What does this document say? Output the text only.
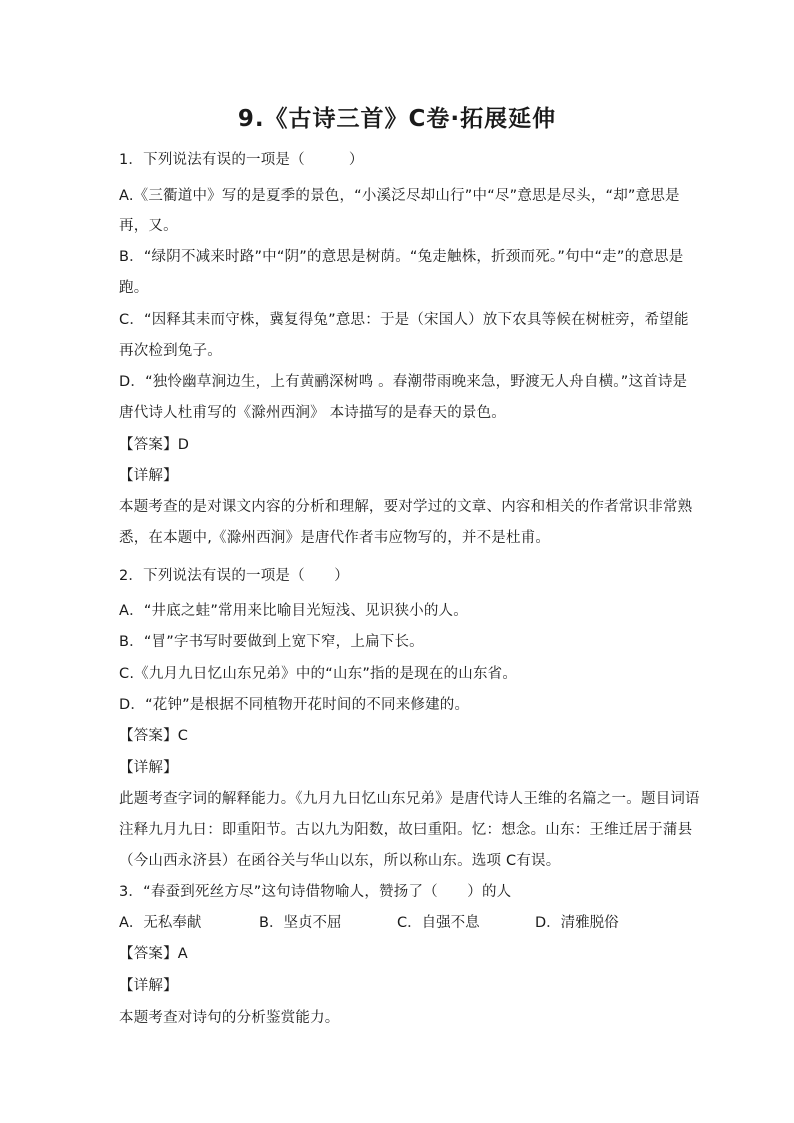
9.《古诗三首》C卷·拓展延伸
1．下列说法有误的一项是（　　　）
A.《三衢道中》写的是夏季的景色，“小溪泛尽却山行”中“尽”意思是尽头，“却”意思是
再，又。
B．“绿阴不减来时路”中“阴”的意思是树荫。“兔走触株，折颈而死。”句中“走”的意思是
跑。
C．“因释其耒而守株，冀复得兔”意思：于是（宋国人）放下农具等候在树桩旁，希望能
再次检到兔子。
D．“独怜幽草涧边生，上有黄鹂深树鸣 。春潮带雨晚来急，野渡无人舟自横。”这首诗是
唐代诗人杜甫写的《滁州西涧》 本诗描写的是春天的景色。
【答案】D
【详解】
本题考查的是对课文内容的分析和理解，要对学过的文章、内容和相关的作者常识非常熟
悉，在本题中,《滁州西涧》是唐代作者韦应物写的，并不是杜甫。
2．下列说法有误的一项是（　　）
A．“井底之蛙”常用来比喻目光短浅、见识狭小的人。
B．“冒”字书写时要做到上宽下窄，上扁下长。
C.《九月九日忆山东兄弟》中的“山东”指的是现在的山东省。
D．“花钟”是根据不同植物开花时间的不同来修建的。
【答案】C
【详解】
此题考查字词的解释能力。《九月九日忆山东兄弟》是唐代诗人王维的名篇之一。题目词语
注释九月九日：即重阳节。古以九为阳数，故曰重阳。忆：想念。山东：王维迁居于蒲县
（今山西永济县）在函谷关与华山以东，所以称山东。选项 C有误。
3．“春蚕到死丝方尽”这句诗借物喻人，赞扬了（　　）的人
A．无私奉献	B．坚贞不屈	C．自强不息	D．清雅脱俗
【答案】A
【详解】
本题考查对诗句的分析鉴赏能力。
